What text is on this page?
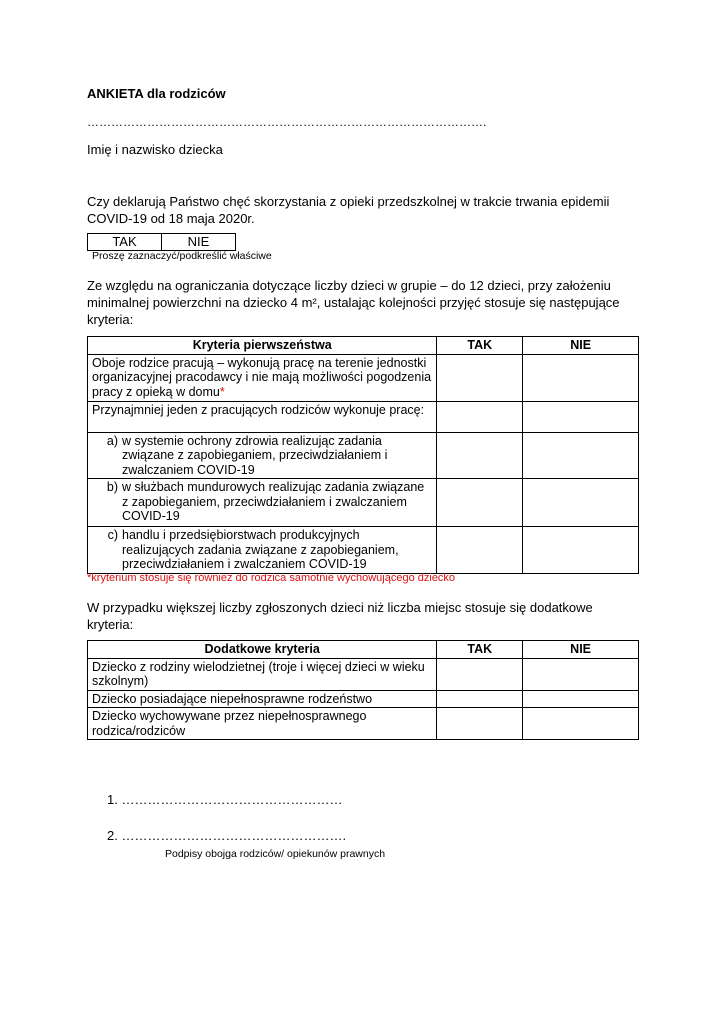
ANKIETA dla rodziców
……………………………………………………………………………………….
Imię i nazwisko dziecka
Czy deklarują Państwo chęć skorzystania z opieki przedszkolnej w trakcie trwania epidemii COVID-19 od 18 maja 2020r.
TAK	NIE
Proszę zaznaczyć/podkreślić właściwe
Ze względu na ograniczania dotyczące liczby dzieci w grupie – do 12 dzieci, przy założeniu minimalnej powierzchni na dziecko 4 m², ustalając kolejności przyjęć stosuje się następujące kryteria:
Kryteria pierwszeństwa	TAK	NIE
Oboje rodzice pracują – wykonują pracę na terenie jednostki organizacyjnej pracodawcy i nie mają możliwości pogodzenia pracy z opieką w domu*		
Przynajmniej jeden z pracujących rodziców wykonuje pracę:		

a) w systemie ochrony zdrowia realizując zadania związane z zapobieganiem, przeciwdziałaniem i zwalczaniem COVID-19		

b) w służbach mundurowych realizując zadania związane z zapobieganiem, przeciwdziałaniem i zwalczaniem COVID-19		

c) handlu i przedsiębiorstwach produkcyjnych realizujących zadania związane z zapobieganiem, przeciwdziałaniem i zwalczaniem COVID-19		

*kryterium stosuje się również do rodzica samotnie wychowującego dziecko
W przypadku większej liczby zgłoszonych dzieci niż liczba miejsc stosuje się dodatkowe kryteria:
Dodatkowe kryteria	TAK	NIE
Dziecko z rodziny wielodzietnej (troje i więcej dzieci w wieku szkolnym)		
Dziecko posiadające niepełnosprawne rodzeństwo		
Dziecko wychowywane przez niepełnosprawnego rodzica/rodziców		
1. ……………………………………………
2. …………………………………………….
Podpisy obojga rodziców/ opiekunów prawnych
